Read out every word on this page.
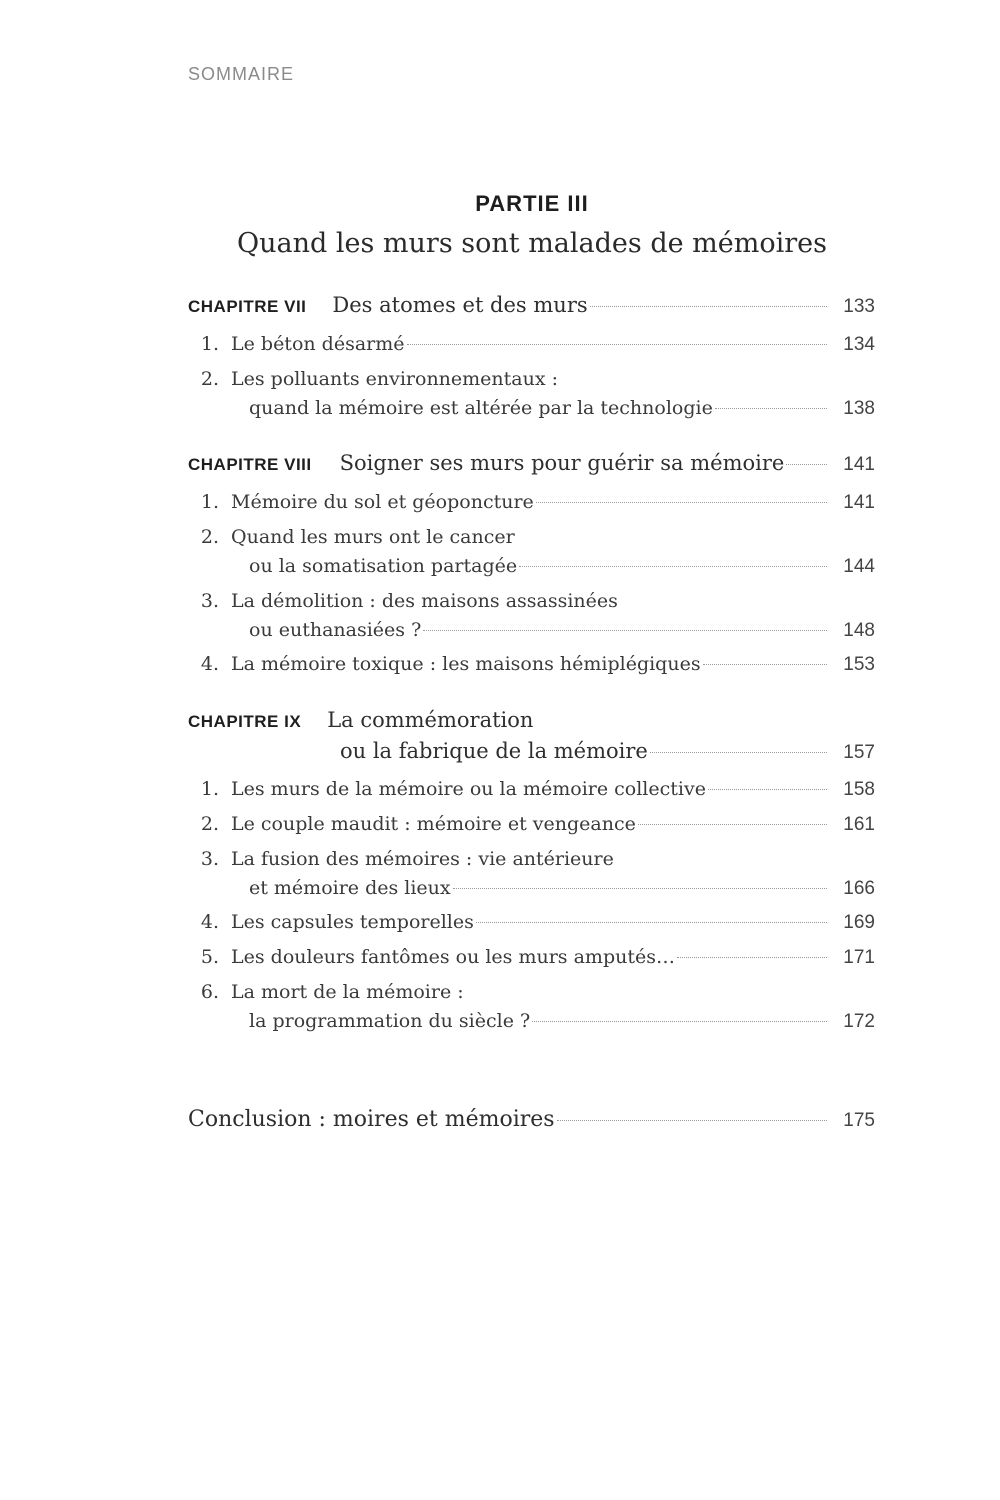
SOMMAIRE
PARTIE III
Quand les murs sont malades de mémoires
CHAPITRE VII Des atomes et des murs	133
1. Le béton désarmé	134
2. Les polluants environnementaux :
quand la mémoire est altérée par la technologie	138
CHAPITRE VIII Soigner ses murs pour guérir sa mémoire	141
1. Mémoire du sol et géoponcture	141
2. Quand les murs ont le cancer
ou la somatisation partagée	144
3. La démolition : des maisons assassinées
ou euthanasiées ?	148
4. La mémoire toxique : les maisons hémiplégiques	153
CHAPITRE IX La commémoration
ou la fabrique de la mémoire	157
1. Les murs de la mémoire ou la mémoire collective	158
2. Le couple maudit : mémoire et vengeance	161
3. La fusion des mémoires : vie antérieure
et mémoire des lieux	166
4. Les capsules temporelles	169
5. Les douleurs fantômes ou les murs amputés…	171
6. La mort de la mémoire :
la programmation du siècle ?	172
Conclusion : moires et mémoires	175
